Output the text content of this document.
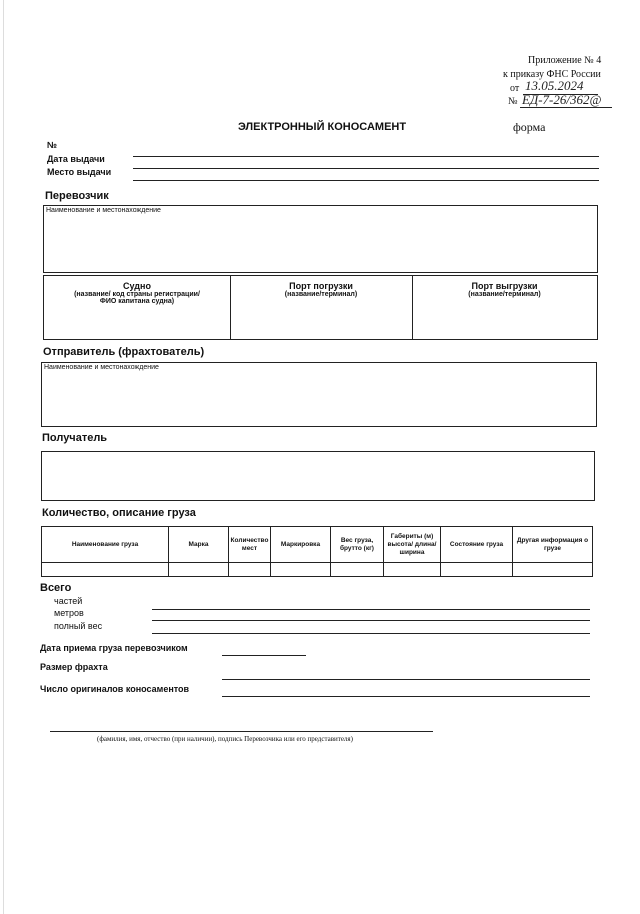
Приложение № 4
к приказу ФНС России
от 13.05.2024
№ ЕД-7-26/362@
ЭЛЕКТРОННЫЙ КОНОСАМЕНТ	форма
№
Дата выдачи
Место выдачи
Перевозчик
Наименование и местонахождение
Судно
(название/ код страны регистрации/ ФИО капитана судна)
Порт погрузки
(название/терминал)
Порт выгрузки
(название/терминал)
Отправитель (фрахтователь)
Наименование и местонахождение
Получатель
Количество, описание груза
Наименование груза	Марка	Количество мест	Маркировка	Вес груза, брутто (кг)	Габериты (м) высота/ длина/ширина	Состояние груза	Другая информация о грузе

Всего
частей
метров
полный вес
Дата приема груза перевозчиком
Размер фрахта
Число оригиналов коносаментов
(фамилия, имя, отчество (при наличии), подпись Перевозчика или его представителя)
